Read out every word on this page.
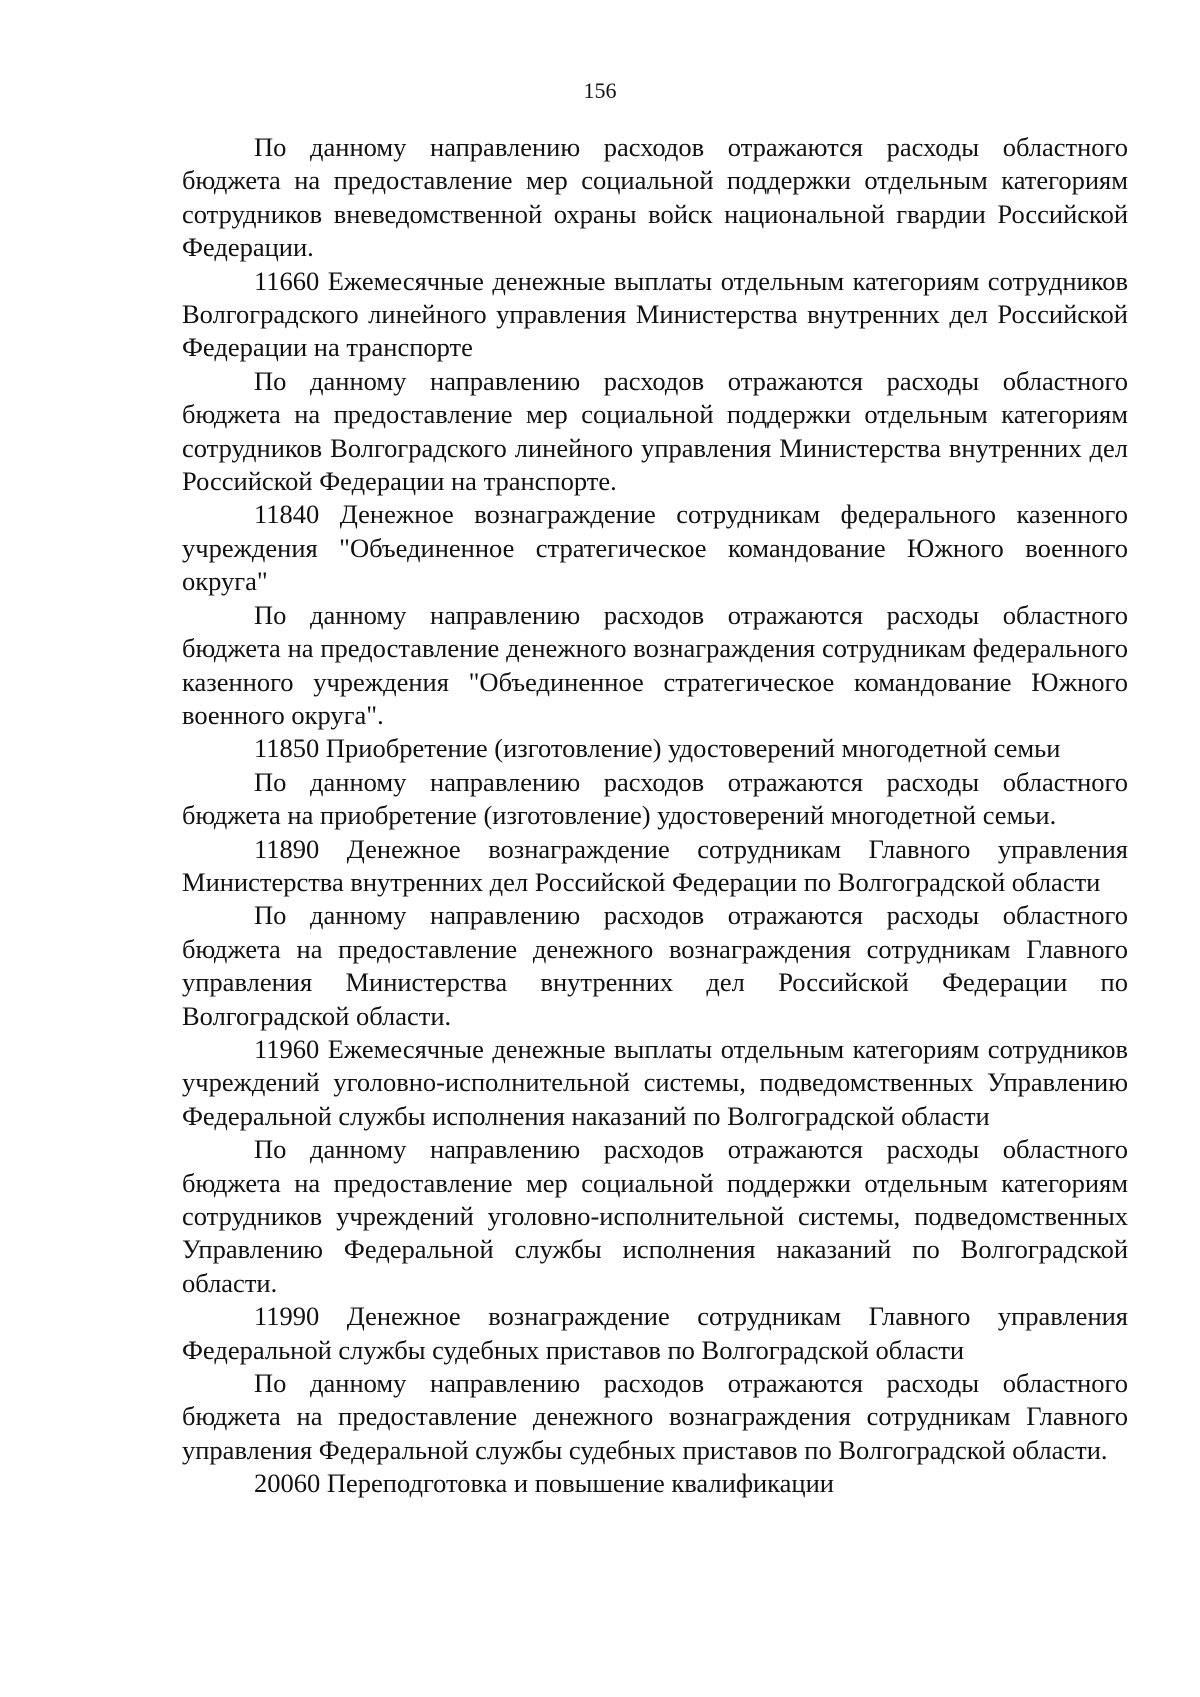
156

По данному направлению расходов отражаются расходы областного бюджета на предоставление мер социальной поддержки отдельным категориям сотрудников вневедомственной охраны войск национальной гвардии Российской Федерации.

11660 Ежемесячные денежные выплаты отдельным категориям сотрудников Волгоградского линейного управления Министерства внутренних дел Российской Федерации на транспорте

По данному направлению расходов отражаются расходы областного бюджета на предоставление мер социальной поддержки отдельным категориям сотрудников Волгоградского линейного управления Министерства внутренних дел Российской Федерации на транспорте.

11840 Денежное вознаграждение сотрудникам федерального казенного учреждения "Объединенное стратегическое командование Южного военного округа"

По данному направлению расходов отражаются расходы областного бюджета на предоставление денежного вознаграждения сотрудникам федерального казенного учреждения "Объединенное стратегическое командование Южного военного округа".

11850 Приобретение (изготовление) удостоверений многодетной семьи

По данному направлению расходов отражаются расходы областного бюджета на приобретение (изготовление) удостоверений многодетной семьи.

11890 Денежное вознаграждение сотрудникам Главного управления Министерства внутренних дел Российской Федерации по Волгоградской области

По данному направлению расходов отражаются расходы областного бюджета на предоставление денежного вознаграждения сотрудникам Главного управления Министерства внутренних дел Российской Федерации по Волгоградской области.

11960 Ежемесячные денежные выплаты отдельным категориям сотрудников учреждений уголовно-исполнительной системы, подведомственных Управлению Федеральной службы исполнения наказаний по Волгоградской области

По данному направлению расходов отражаются расходы областного бюджета на предоставление мер социальной поддержки отдельным категориям сотрудников учреждений уголовно-исполнительной системы, подведомственных Управлению Федеральной службы исполнения наказаний по Волгоградской области.

11990 Денежное вознаграждение сотрудникам Главного управления Федеральной службы судебных приставов по Волгоградской области

По данному направлению расходов отражаются расходы областного бюджета на предоставление денежного вознаграждения сотрудникам Главного управления Федеральной службы судебных приставов по Волгоградской области.

20060 Переподготовка и повышение квалификации
